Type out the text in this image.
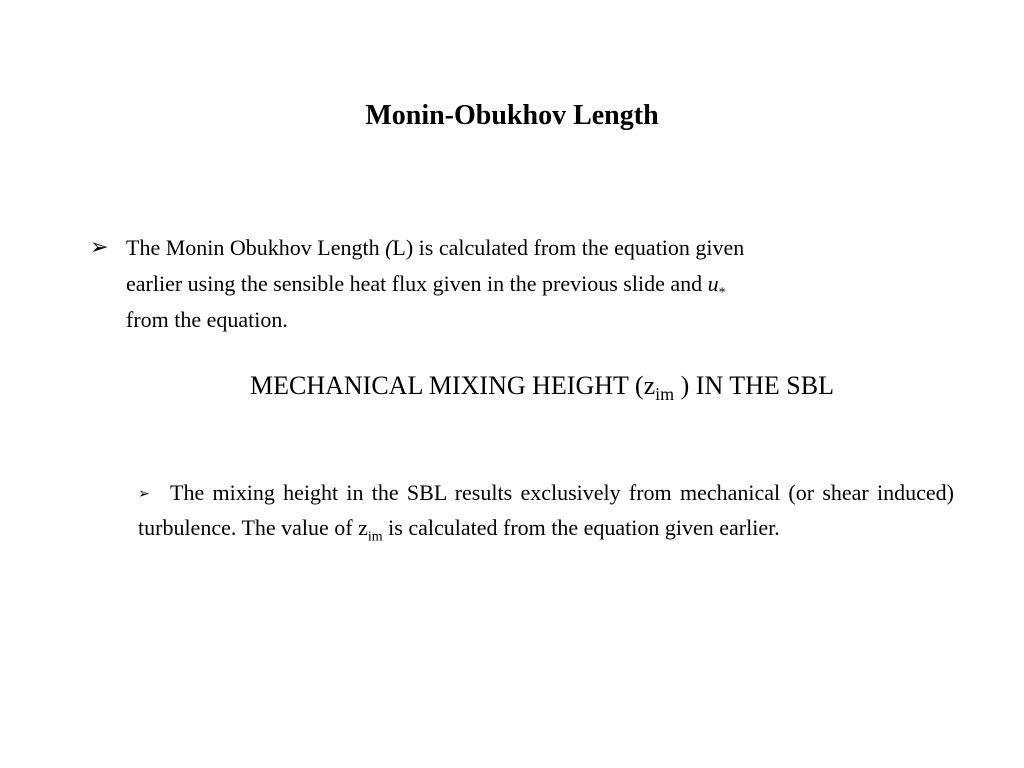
Monin-Obukhov Length
➢ The Monin Obukhov Length (L) is calculated from the equation given

earlier using the sensible heat flux given in the previous slide and $u_*$

from the equation.

MECHANICAL MIXING HEIGHT ($z_{im}$ ) IN THE SBL
➢ The mixing height in the SBL results exclusively from mechanical (or shear induced) turbulence. The value of $z_{im}$ is calculated from the equation given earlier.
